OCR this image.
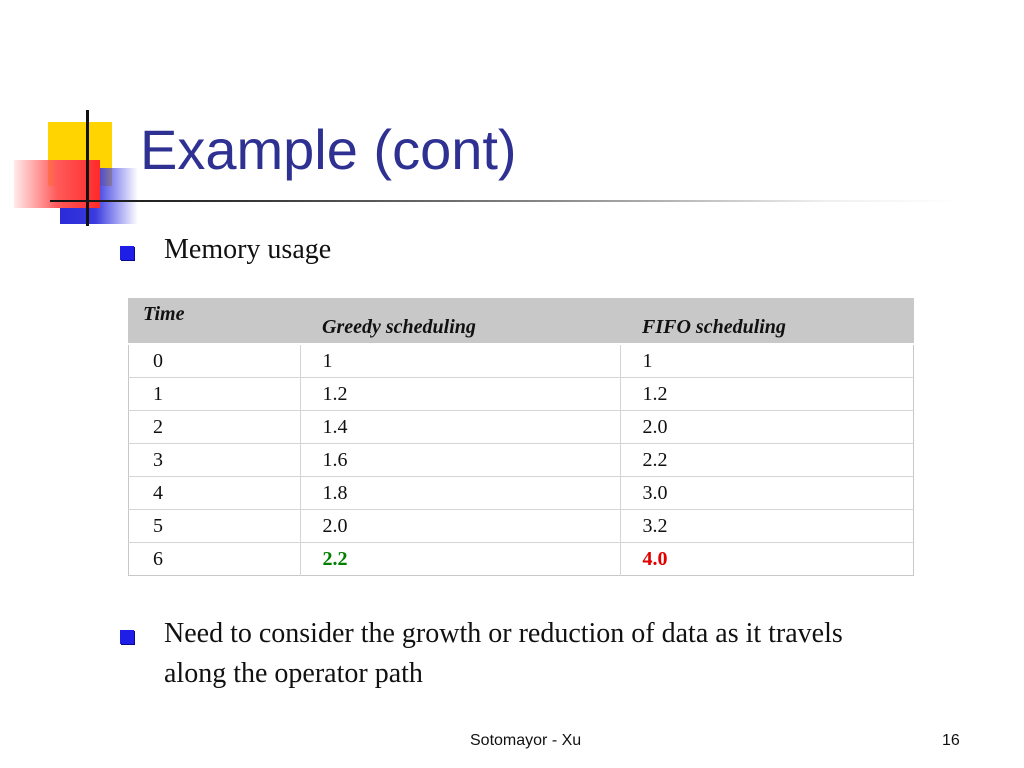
Example (cont)
Memory usage
Time	Greedy scheduling	FIFO scheduling
0	1	1
1	1.2	1.2
2	1.4	2.0
3	1.6	2.2
4	1.8	3.0
5	2.0	3.2
6	2.2	4.0
Need to consider the growth or reduction of data as it travels along the operator path
Sotomayor - Xu	16
